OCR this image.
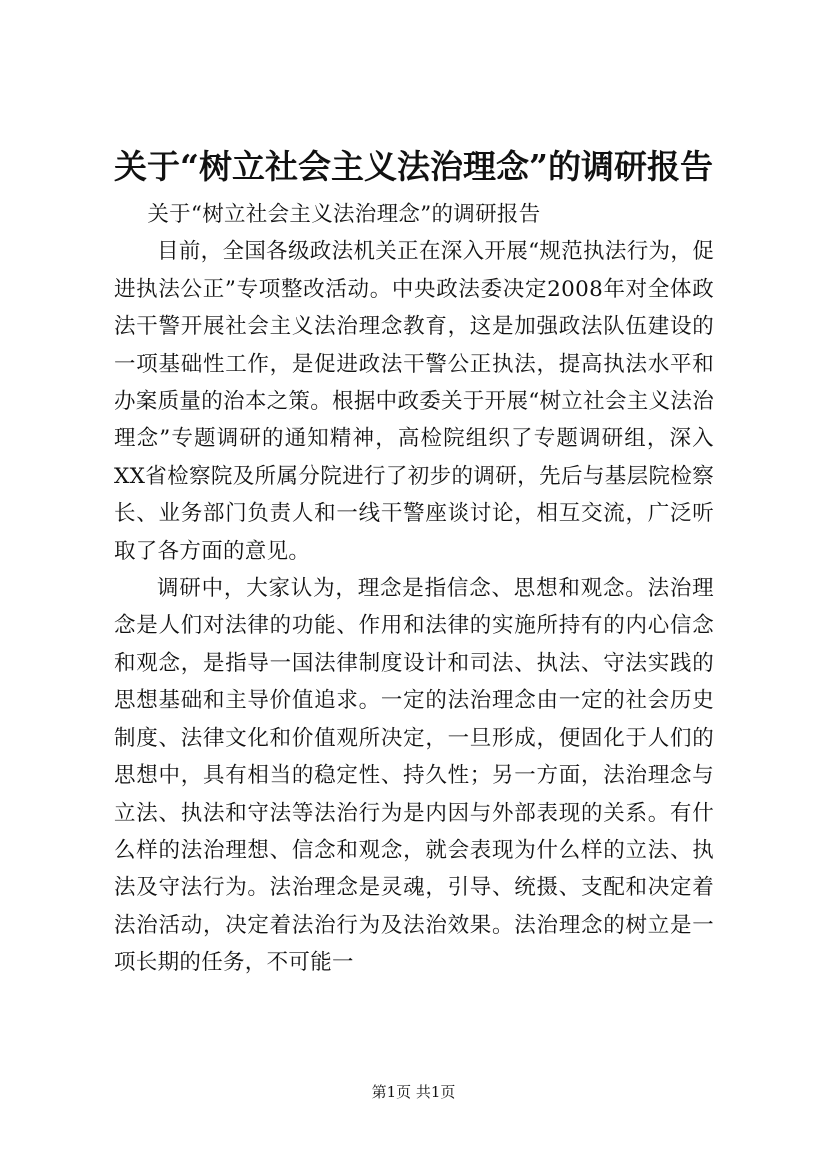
关于“树立社会主义法治理念”的调研报告

关于“树立社会主义法治理念”的调研报告

目前，全国各级政法机关正在深入开展“规范执法行为，促进执法公正”专项整改活动。中央政法委决定2008年对全体政法干警开展社会主义法治理念教育，这是加强政法队伍建设的一项基础性工作，是促进政法干警公正执法，提高执法水平和办案质量的治本之策。根据中政委关于开展“树立社会主义法治理念”专题调研的通知精神，高检院组织了专题调研组，深入XX省检察院及所属分院进行了初步的调研，先后与基层院检察长、业务部门负责人和一线干警座谈讨论，相互交流，广泛听取了各方面的意见。

调研中，大家认为，理念是指信念、思想和观念。法治理念是人们对法律的功能、作用和法律的实施所持有的内心信念和观念，是指导一国法律制度设计和司法、执法、守法实践的思想基础和主导价值追求。一定的法治理念由一定的社会历史制度、法律文化和价值观所决定，一旦形成，便固化于人们的思想中，具有相当的稳定性、持久性；另一方面，法治理念与立法、执法和守法等法治行为是内因与外部表现的关系。有什么样的法治理想、信念和观念，就会表现为什么样的立法、执法及守法行为。法治理念是灵魂，引导、统摄、支配和决定着法治活动，决定着法治行为及法治效果。法治理念的树立是一项长期的任务，不可能一

第1页 共1页
